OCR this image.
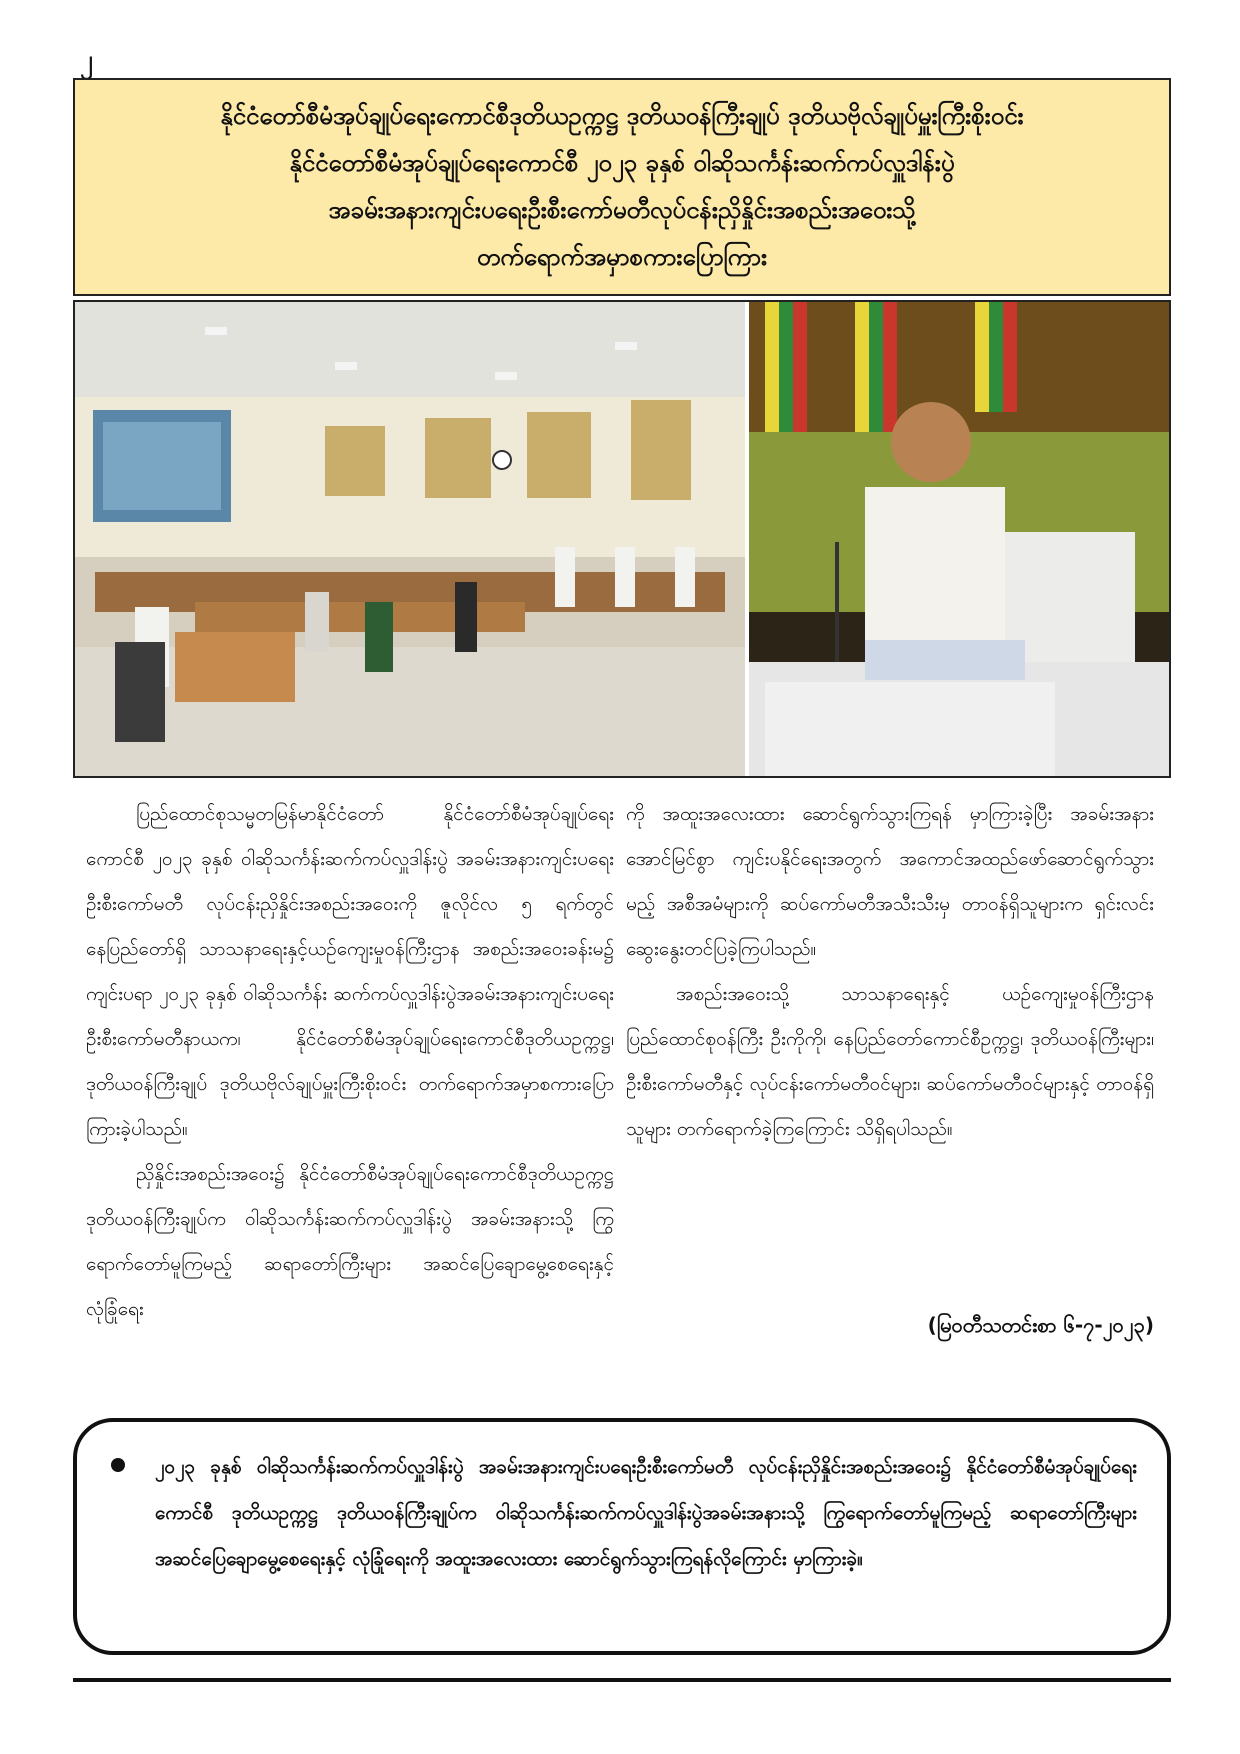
၂
နိုင်ငံတော်စီမံအုပ်ချုပ်ရေးကောင်စီဒုတိယဥက္ကဋ္ဌ ဒုတိယဝန်ကြီးချုပ် ဒုတိယဗိုလ်ချုပ်မှူးကြီးစိုးဝင်း
နိုင်ငံတော်စီမံအုပ်ချုပ်ရေးကောင်စီ ၂၀၂၃ ခုနှစ် ဝါဆိုသင်္ကန်းဆက်ကပ်လှူဒါန်းပွဲ
အခမ်းအနားကျင်းပရေးဦးစီးကော်မတီလုပ်ငန်းညှိနှိုင်းအစည်းအဝေးသို့
တက်ရောက်အမှာစကားပြောကြား

ပြည်ထောင်စုသမ္မတမြန်မာနိုင်ငံတော် နိုင်ငံတော်စီမံအုပ်ချုပ်ရေးကောင်စီ ၂၀၂၃ ခုနှစ် ဝါဆိုသင်္ကန်းဆက်ကပ်လှူဒါန်းပွဲ အခမ်းအနားကျင်းပရေးဦးစီးကော်မတီ လုပ်ငန်းညှိနှိုင်းအစည်းအဝေးကို ဇူလိုင်လ ၅ ရက်တွင် နေပြည်တော်ရှိ သာသနာရေးနှင့်ယဉ်ကျေးမှုဝန်ကြီးဌာန အစည်းအဝေးခန်းမ၌ ကျင်းပရာ ၂၀၂၃ ခုနှစ် ဝါဆိုသင်္ကန်း ဆက်ကပ်လှူဒါန်းပွဲအခမ်းအနားကျင်းပရေး ဦးစီးကော်မတီနာယက၊ နိုင်ငံတော်စီမံအုပ်ချုပ်ရေးကောင်စီဒုတိယဥက္ကဋ္ဌ၊ ဒုတိယဝန်ကြီးချုပ် ဒုတိယဗိုလ်ချုပ်မှူးကြီးစိုးဝင်း တက်ရောက်အမှာစကားပြောကြားခဲ့ပါသည်။

ညှိနှိုင်းအစည်းအဝေး၌ နိုင်ငံတော်စီမံအုပ်ချုပ်ရေးကောင်စီဒုတိယဥက္ကဋ္ဌ ဒုတိယဝန်ကြီးချုပ်က ဝါဆိုသင်္ကန်းဆက်ကပ်လှူဒါန်းပွဲ အခမ်းအနားသို့ ကြွရောက်တော်မူကြမည့် ဆရာတော်ကြီးများ အဆင်ပြေချောမွေ့စေရေးနှင့် လုံခြုံရေး

ကို အထူးအလေးထား ဆောင်ရွက်သွားကြရန် မှာကြားခဲ့ပြီး အခမ်းအနားအောင်မြင်စွာ ကျင်းပနိုင်ရေးအတွက် အကောင်အထည်ဖော်ဆောင်ရွက်သွားမည့် အစီအမံများကို ဆပ်ကော်မတီအသီးသီးမှ တာဝန်ရှိသူများက ရှင်းလင်းဆွေးနွေးတင်ပြခဲ့ကြပါသည်။

အစည်းအဝေးသို့ သာသနာရေးနှင့် ယဉ်ကျေးမှုဝန်ကြီးဌာန ပြည်ထောင်စုဝန်ကြီး ဦးကိုကို၊ နေပြည်တော်ကောင်စီဥက္ကဋ္ဌ၊ ဒုတိယဝန်ကြီးများ၊ ဦးစီးကော်မတီနှင့် လုပ်ငန်းကော်မတီဝင်များ၊ ဆပ်ကော်မတီဝင်များနှင့် တာဝန်ရှိသူများ တက်ရောက်ခဲ့ကြကြောင်း သိရှိရပါသည်။

(မြဝတီသတင်းစာ ၆-၇-၂၀၂၃)

၂၀၂၃ ခုနှစ် ဝါဆိုသင်္ကန်းဆက်ကပ်လှူဒါန်းပွဲ အခမ်းအနားကျင်းပရေးဦးစီးကော်မတီ လုပ်ငန်းညှိနှိုင်းအစည်းအဝေး၌ နိုင်ငံတော်စီမံအုပ်ချုပ်ရေးကောင်စီ ဒုတိယဥက္ကဋ္ဌ ဒုတိယဝန်ကြီးချုပ်က ဝါဆိုသင်္ကန်းဆက်ကပ်လှူဒါန်းပွဲအခမ်းအနားသို့ ကြွရောက်တော်မူကြမည့် ဆရာတော်ကြီးများ အဆင်ပြေချောမွေ့စေရေးနှင့် လုံခြုံရေးကို အထူးအလေးထား ဆောင်ရွက်သွားကြရန်လိုကြောင်း မှာကြားခဲ့။
